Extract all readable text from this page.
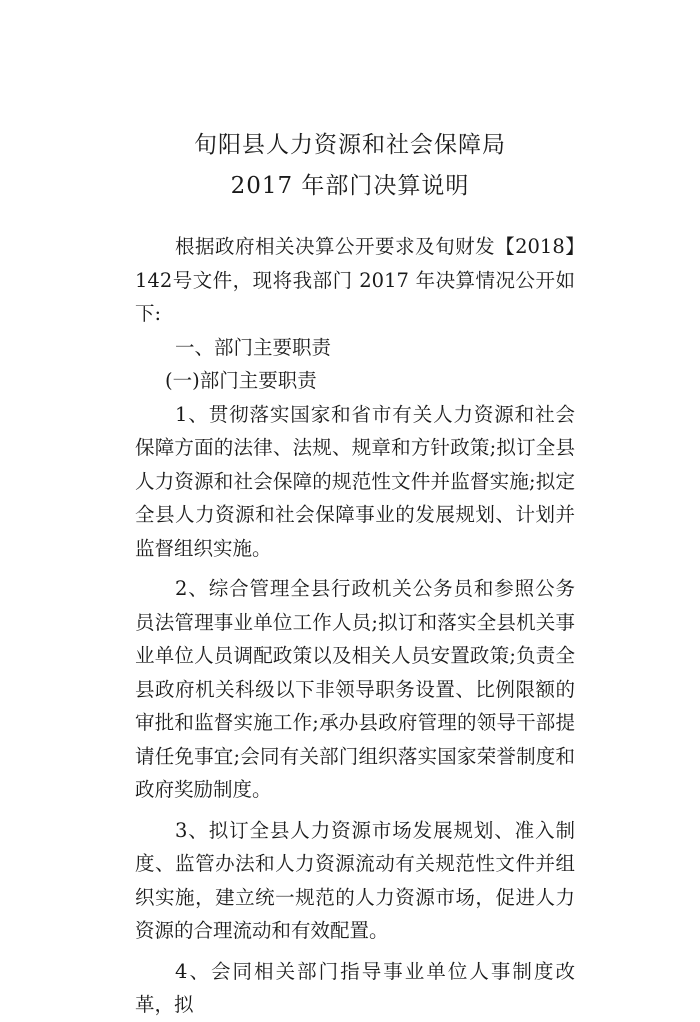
旬阳县人力资源和社会保障局
2017 年部门决算说明

根据政府相关决算公开要求及旬财发【2018】142号文件，现将我部门 2017 年决算情况公开如下:

一、部门主要职责

(一)部门主要职责

1、贯彻落实国家和省市有关人力资源和社会保障方面的法律、法规、规章和方针政策;拟订全县人力资源和社会保障的规范性文件并监督实施;拟定全县人力资源和社会保障事业的发展规划、计划并监督组织实施。

2、综合管理全县行政机关公务员和参照公务员法管理事业单位工作人员;拟订和落实全县机关事业单位人员调配政策以及相关人员安置政策;负责全县政府机关科级以下非领导职务设置、比例限额的审批和监督实施工作;承办县政府管理的领导干部提请任免事宜;会同有关部门组织落实国家荣誉制度和政府奖励制度。

3、拟订全县人力资源市场发展规划、准入制度、监管办法和人力资源流动有关规范性文件并组织实施，建立统一规范的人力资源市场，促进人力资源的合理流动和有效配置。

4、会同相关部门指导事业单位人事制度改革，拟
